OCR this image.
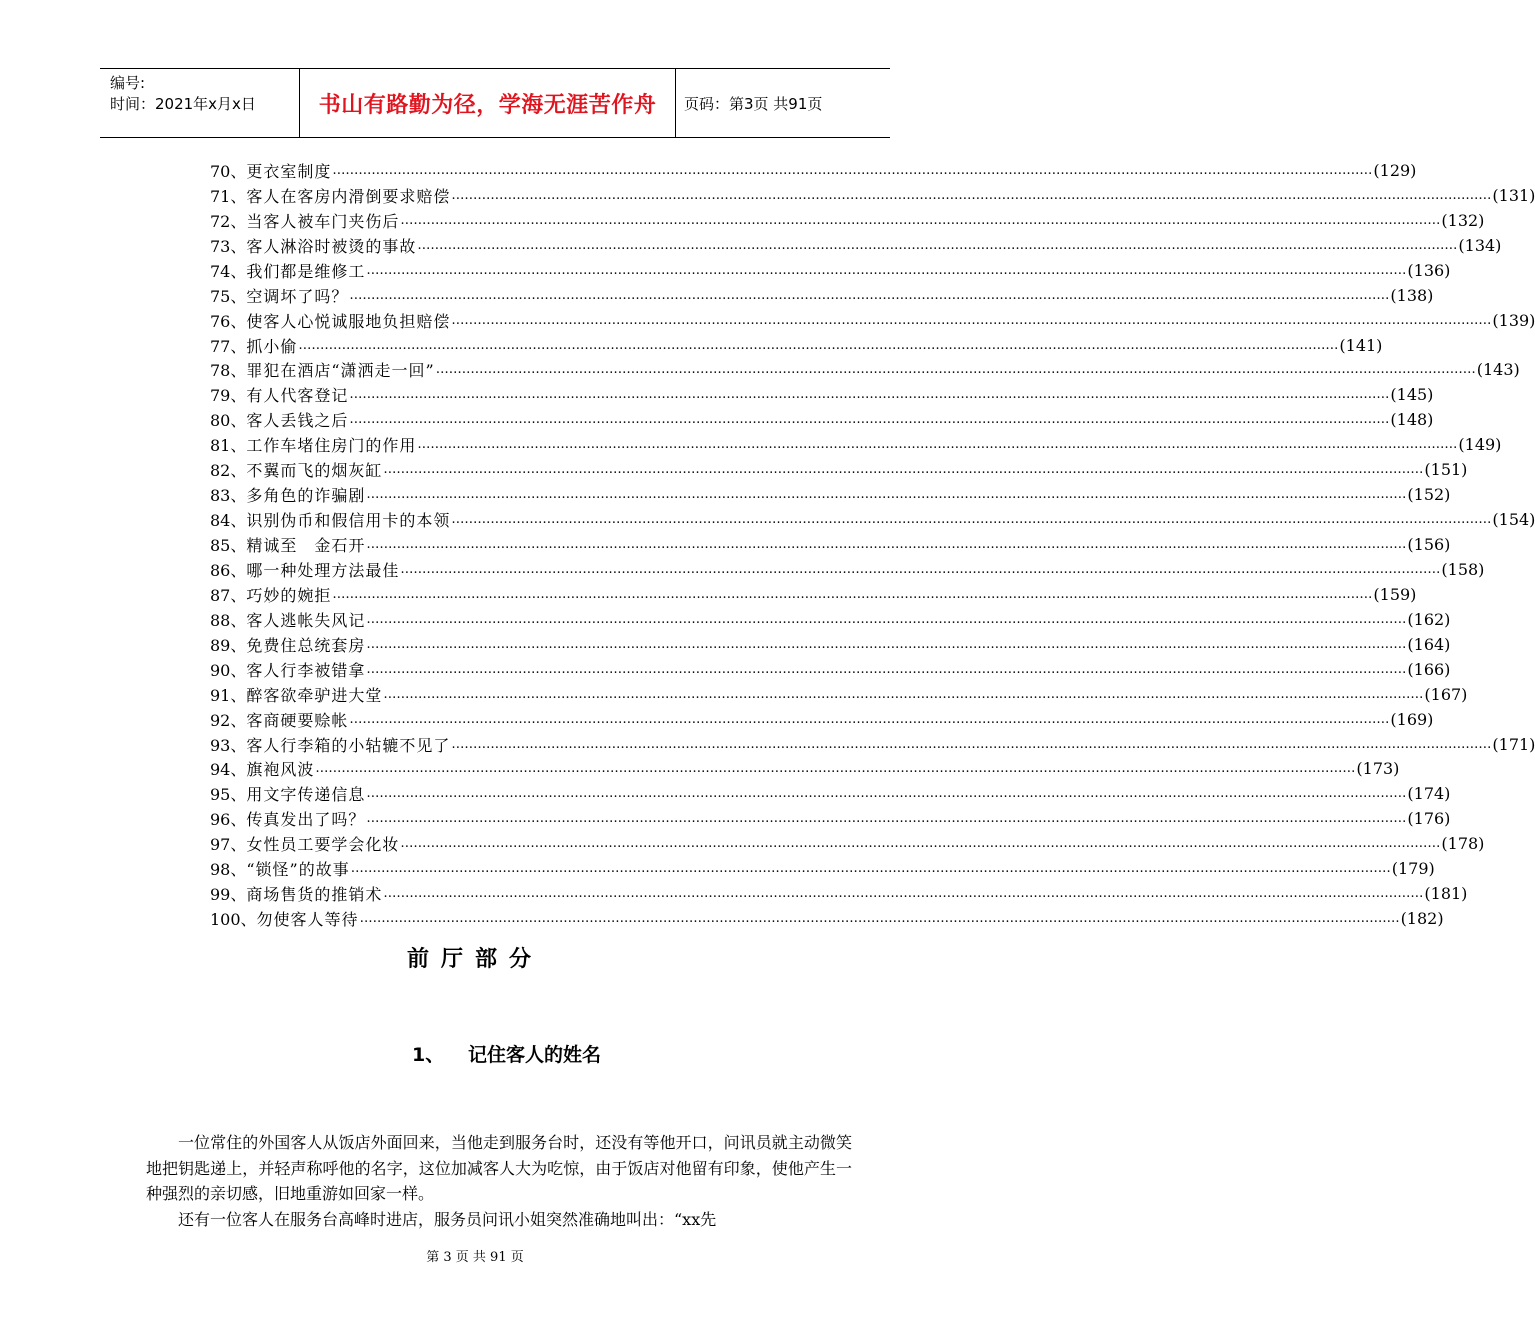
编号:
时间：2021年x月x日	书山有路勤为径，学海无涯苦作舟	页码：第3页 共91页
70、 更衣室制度 …………………………………………………………………………………………………………………………………………………………………………………………………………………… (129)
71、 客人在客房内滑倒要求赔偿 …………………………………………………………………………………………………………………………………………………………………………………………………………………… (131)
72、 当客人被车门夹伤后 …………………………………………………………………………………………………………………………………………………………………………………………………………………… (132)
73、 客人淋浴时被烫的事故 …………………………………………………………………………………………………………………………………………………………………………………………………………………… (134)
74、 我们都是维修工 …………………………………………………………………………………………………………………………………………………………………………………………………………………… (136)
75、 空调坏了吗？ …………………………………………………………………………………………………………………………………………………………………………………………………………………… (138)
76、 使客人心悦诚服地负担赔偿 …………………………………………………………………………………………………………………………………………………………………………………………………………………… (139)
77、 抓小偷 …………………………………………………………………………………………………………………………………………………………………………………………………………………… (141)
78、 罪犯在酒店“潇洒走一回” …………………………………………………………………………………………………………………………………………………………………………………………………………………… (143)
79、 有人代客登记 …………………………………………………………………………………………………………………………………………………………………………………………………………………… (145)
80、 客人丢钱之后 …………………………………………………………………………………………………………………………………………………………………………………………………………………… (148)
81、 工作车堵住房门的作用 …………………………………………………………………………………………………………………………………………………………………………………………………………………… (149)
82、 不翼而飞的烟灰缸 …………………………………………………………………………………………………………………………………………………………………………………………………………………… (151)
83、 多角色的诈骗剧 …………………………………………………………………………………………………………………………………………………………………………………………………………………… (152)
84、 识别伪币和假信用卡的本领 …………………………………………………………………………………………………………………………………………………………………………………………………………………… (154)
85、 精诚至　金石开 …………………………………………………………………………………………………………………………………………………………………………………………………………………… (156)
86、 哪一种处理方法最佳 …………………………………………………………………………………………………………………………………………………………………………………………………………………… (158)
87、 巧妙的婉拒 …………………………………………………………………………………………………………………………………………………………………………………………………………………… (159)
88、 客人逃帐失风记 …………………………………………………………………………………………………………………………………………………………………………………………………………………… (162)
89、 免费住总统套房 …………………………………………………………………………………………………………………………………………………………………………………………………………………… (164)
90、 客人行李被错拿 …………………………………………………………………………………………………………………………………………………………………………………………………………………… (166)
91、 醉客欲牵驴进大堂 …………………………………………………………………………………………………………………………………………………………………………………………………………………… (167)
92、 客商硬要赊帐 …………………………………………………………………………………………………………………………………………………………………………………………………………………… (169)
93、 客人行李箱的小轱辘不见了 …………………………………………………………………………………………………………………………………………………………………………………………………………………… (171)
94、 旗袍风波 …………………………………………………………………………………………………………………………………………………………………………………………………………………… (173)
95、 用文字传递信息 …………………………………………………………………………………………………………………………………………………………………………………………………………………… (174)
96、 传真发出了吗？ …………………………………………………………………………………………………………………………………………………………………………………………………………………… (176)
97、 女性员工要学会化妆 …………………………………………………………………………………………………………………………………………………………………………………………………………………… (178)
98、 “锁怪”的故事 …………………………………………………………………………………………………………………………………………………………………………………………………………………… (179)
99、 商场售货的推销术 …………………………………………………………………………………………………………………………………………………………………………………………………………………… (181)
100、 勿使客人等待 …………………………………………………………………………………………………………………………………………………………………………………………………………………… (182)
前厅部分
1、 记住客人的姓名

一位常住的外国客人从饭店外面回来，当他走到服务台时，还没有等他开口，问讯员就主动微笑地把钥匙递上，并轻声称呼他的名字，这位加减客人大为吃惊，由于饭店对他留有印象，使他产生一种强烈的亲切感，旧地重游如回家一样。

还有一位客人在服务台高峰时进店，服务员问讯小姐突然准确地叫出：“xx先

第 3 页 共 91 页
